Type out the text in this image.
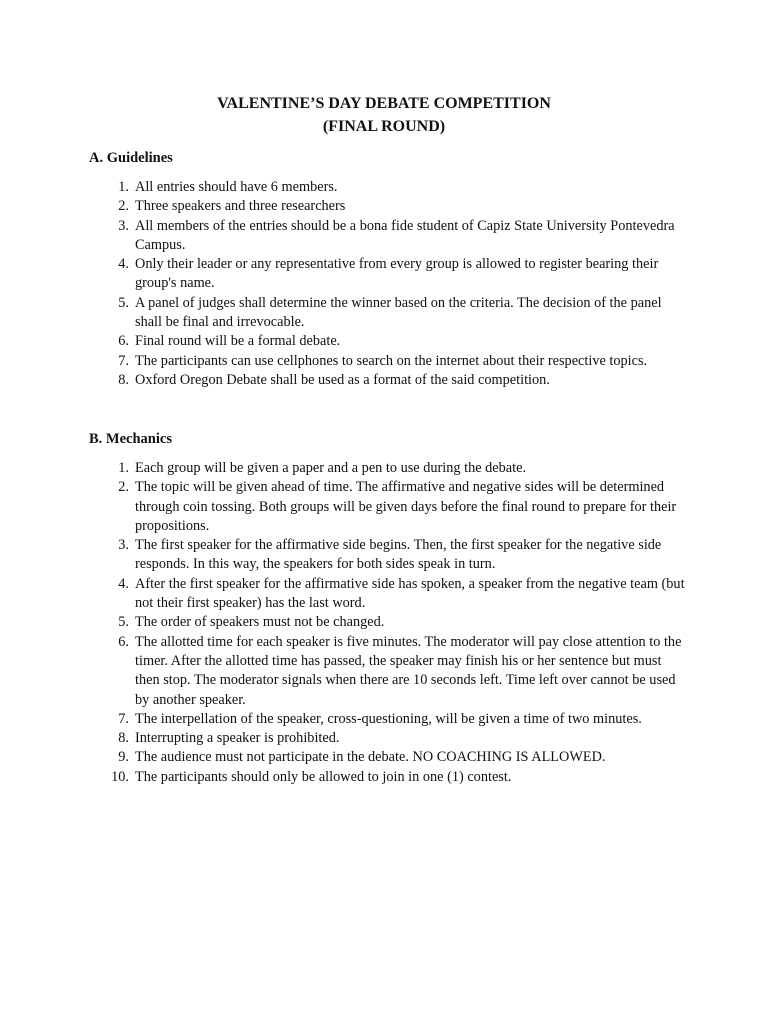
VALENTINE’S DAY DEBATE COMPETITION
(FINAL ROUND)
A. Guidelines
1. All entries should have 6 members.
2. Three speakers and three researchers
3. All members of the entries should be a bona fide student of Capiz State University Pontevedra Campus.
4. Only their leader or any representative from every group is allowed to register bearing their group's name.
5. A panel of judges shall determine the winner based on the criteria. The decision of the panel shall be final and irrevocable.
6. Final round will be a formal debate.
7. The participants can use cellphones to search on the internet about their respective topics.
8. Oxford Oregon Debate shall be used as a format of the said competition.
B. Mechanics
1. Each group will be given a paper and a pen to use during the debate.
2. The topic will be given ahead of time. The affirmative and negative sides will be determined through coin tossing. Both groups will be given days before the final round to prepare for their propositions.
3. The first speaker for the affirmative side begins. Then, the first speaker for the negative side responds. In this way, the speakers for both sides speak in turn.
4. After the first speaker for the affirmative side has spoken, a speaker from the negative team (but not their first speaker) has the last word.
5. The order of speakers must not be changed.
6. The allotted time for each speaker is five minutes. The moderator will pay close attention to the timer. After the allotted time has passed, the speaker may finish his or her sentence but must then stop. The moderator signals when there are 10 seconds left. Time left over cannot be used by another speaker.
7. The interpellation of the speaker, cross-questioning, will be given a time of two minutes.
8. Interrupting a speaker is prohibited.
9. The audience must not participate in the debate. NO COACHING IS ALLOWED.
10. The participants should only be allowed to join in one (1) contest.
